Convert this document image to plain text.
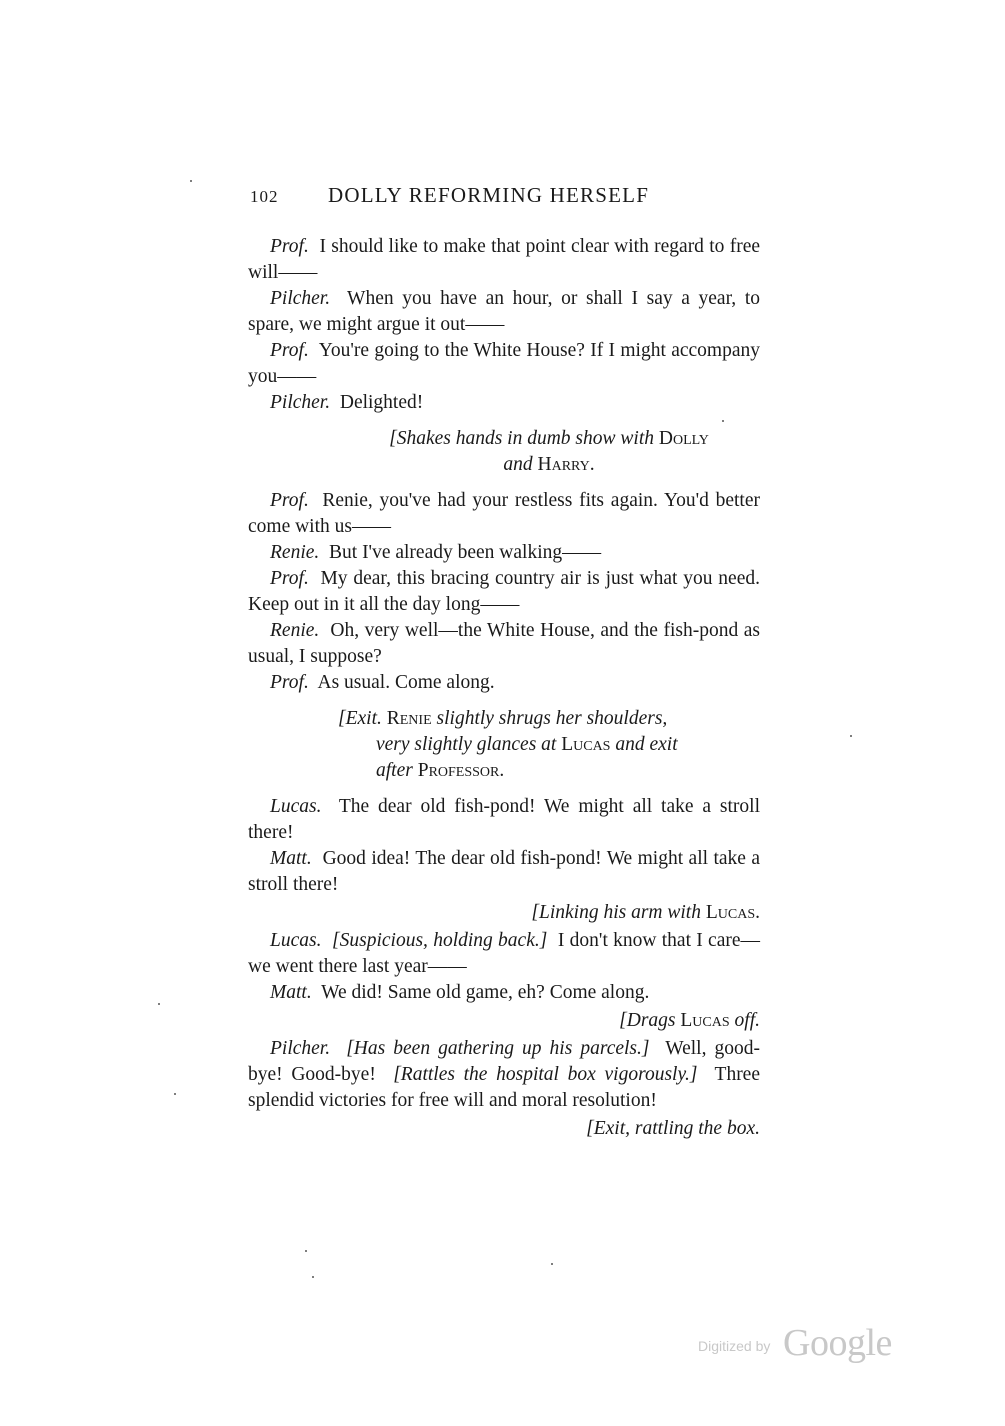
102 DOLLY REFORMING HERSELF

Prof. I should like to make that point clear with regard to free will——

Pilcher. When you have an hour, or shall I say a year, to spare, we might argue it out——

Prof. You're going to the White House? If I might accompany you——

Pilcher. Delighted!

[Shakes hands in dumb show with Dolly
and Harry.

Prof. Renie, you've had your restless fits again. You'd better come with us——

Renie. But I've already been walking——

Prof. My dear, this bracing country air is just what you need. Keep out in it all the day long——

Renie. Oh, very well—the White House, and the fish-pond as usual, I suppose?

Prof. As usual. Come along.

[Exit. Renie slightly shrugs her shoulders,
very slightly glances at Lucas and exit
after Professor.

Lucas. The dear old fish-pond! We might all take a stroll there!

Matt. Good idea! The dear old fish-pond! We might all take a stroll there!

[Linking his arm with Lucas.

Lucas. [Suspicious, holding back.] I don't know that I care—we went there last year——

Matt. We did! Same old game, eh? Come along.

[Drags Lucas off.

Pilcher. [Has been gathering up his parcels.] Well, good-bye! Good-bye! [Rattles the hospital box vigorously.] Three splendid victories for free will and moral resolution!

[Exit, rattling the box.

Digitized by Google
